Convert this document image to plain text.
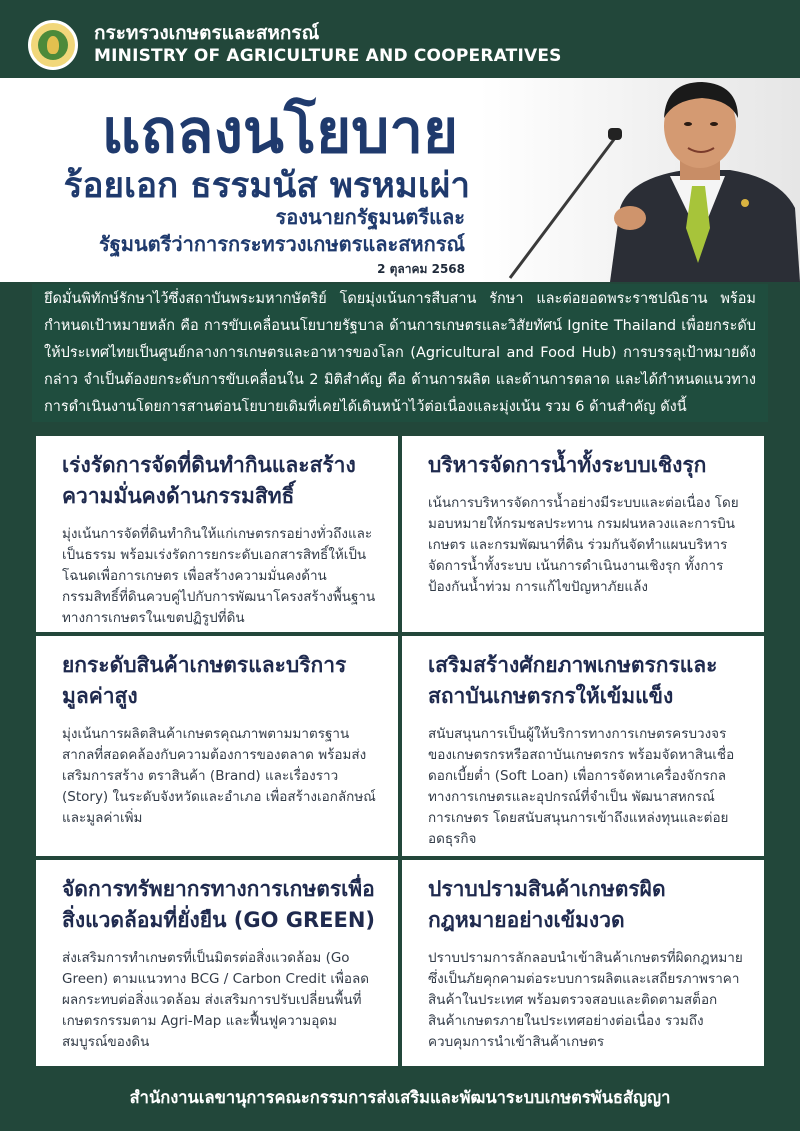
กระทรวงเกษตรและสหกรณ์
MINISTRY OF AGRICULTURE AND COOPERATIVES
แถลงนโยบาย
ร้อยเอก ธรรมนัส พรหมเผ่า
รองนายกรัฐมนตรีและ
รัฐมนตรีว่าการกระทรวงเกษตรและสหกรณ์
2 ตุลาคม 2568
ยึดมั่นพิทักษ์รักษาไว้ซึ่งสถาบันพระมหากษัตริย์ โดยมุ่งเน้นการสืบสาน รักษา และต่อยอดพระราชปณิธาน พร้อมกำหนดเป้าหมายหลัก คือ การขับเคลื่อนนโยบายรัฐบาล ด้านการเกษตรและวิสัยทัศน์ Ignite Thailand เพื่อยกระดับให้ประเทศไทยเป็นศูนย์กลางการเกษตรและอาหารของโลก (Agricultural and Food Hub) การบรรลุเป้าหมายดังกล่าว จำเป็นต้องยกระดับการขับเคลื่อนใน 2 มิติสำคัญ คือ ด้านการผลิต และด้านการตลาด และได้กำหนดแนวทางการดำเนินงานโดยการสานต่อนโยบายเดิมที่เคยได้เดินหน้าไว้ต่อเนื่องและมุ่งเน้น รวม 6 ด้านสำคัญ ดังนี้
เร่งรัดการจัดที่ดินทำกินและสร้างความมั่นคงด้านกรรมสิทธิ์
มุ่งเน้นการจัดที่ดินทำกินให้แก่เกษตรกรอย่างทั่วถึงและเป็นธรรม พร้อมเร่งรัดการยกระดับเอกสารสิทธิ์ให้เป็น โฉนดเพื่อการเกษตร เพื่อสร้างความมั่นคงด้านกรรมสิทธิ์ที่ดินควบคู่ไปกับการพัฒนาโครงสร้างพื้นฐานทางการเกษตรในเขตปฏิรูปที่ดิน
บริหารจัดการน้ำทั้งระบบเชิงรุก
เน้นการบริหารจัดการน้ำอย่างมีระบบและต่อเนื่อง โดยมอบหมายให้กรมชลประทาน กรมฝนหลวงและการบินเกษตร และกรมพัฒนาที่ดิน ร่วมกันจัดทำแผนบริหารจัดการน้ำทั้งระบบ เน้นการดำเนินงานเชิงรุก ทั้งการป้องกันน้ำท่วม การแก้ไขปัญหาภัยแล้ง
ยกระดับสินค้าเกษตรและบริการมูลค่าสูง
มุ่งเน้นการผลิตสินค้าเกษตรคุณภาพตามมาตรฐานสากลที่สอดคล้องกับความต้องการของตลาด พร้อมส่งเสริมการสร้าง ตราสินค้า (Brand) และเรื่องราว (Story) ในระดับจังหวัดและอำเภอ เพื่อสร้างเอกลักษณ์และมูลค่าเพิ่ม
เสริมสร้างศักยภาพเกษตรกรและสถาบันเกษตรกรให้เข้มแข็ง
สนับสนุนการเป็นผู้ให้บริการทางการเกษตรครบวงจรของเกษตรกรหรือสถาบันเกษตรกร พร้อมจัดหาสินเชื่อดอกเบี้ยต่ำ (Soft Loan) เพื่อการจัดหาเครื่องจักรกลทางการเกษตรและอุปกรณ์ที่จำเป็น พัฒนาสหกรณ์การเกษตร โดยสนับสนุนการเข้าถึงแหล่งทุนและต่อยอดธุรกิจ
จัดการทรัพยากรทางการเกษตรเพื่อสิ่งแวดล้อมที่ยั่งยืน (GO GREEN)
ส่งเสริมการทำเกษตรที่เป็นมิตรต่อสิ่งแวดล้อม (Go Green) ตามแนวทาง BCG / Carbon Credit เพื่อลดผลกระทบต่อสิ่งแวดล้อม ส่งเสริมการปรับเปลี่ยนพื้นที่เกษตรกรรมตาม Agri-Map และฟื้นฟูความอุดมสมบูรณ์ของดิน
ปราบปรามสินค้าเกษตรผิดกฎหมายอย่างเข้มงวด
ปราบปรามการลักลอบนำเข้าสินค้าเกษตรที่ผิดกฎหมาย ซึ่งเป็นภัยคุกคามต่อระบบการผลิตและเสถียรภาพราคาสินค้าในประเทศ พร้อมตรวจสอบและติดตามสต็อกสินค้าเกษตรภายในประเทศอย่างต่อเนื่อง รวมถึงควบคุมการนำเข้าสินค้าเกษตร
สำนักงานเลขานุการคณะกรรมการส่งเสริมและพัฒนาระบบเกษตรพันธสัญญา
